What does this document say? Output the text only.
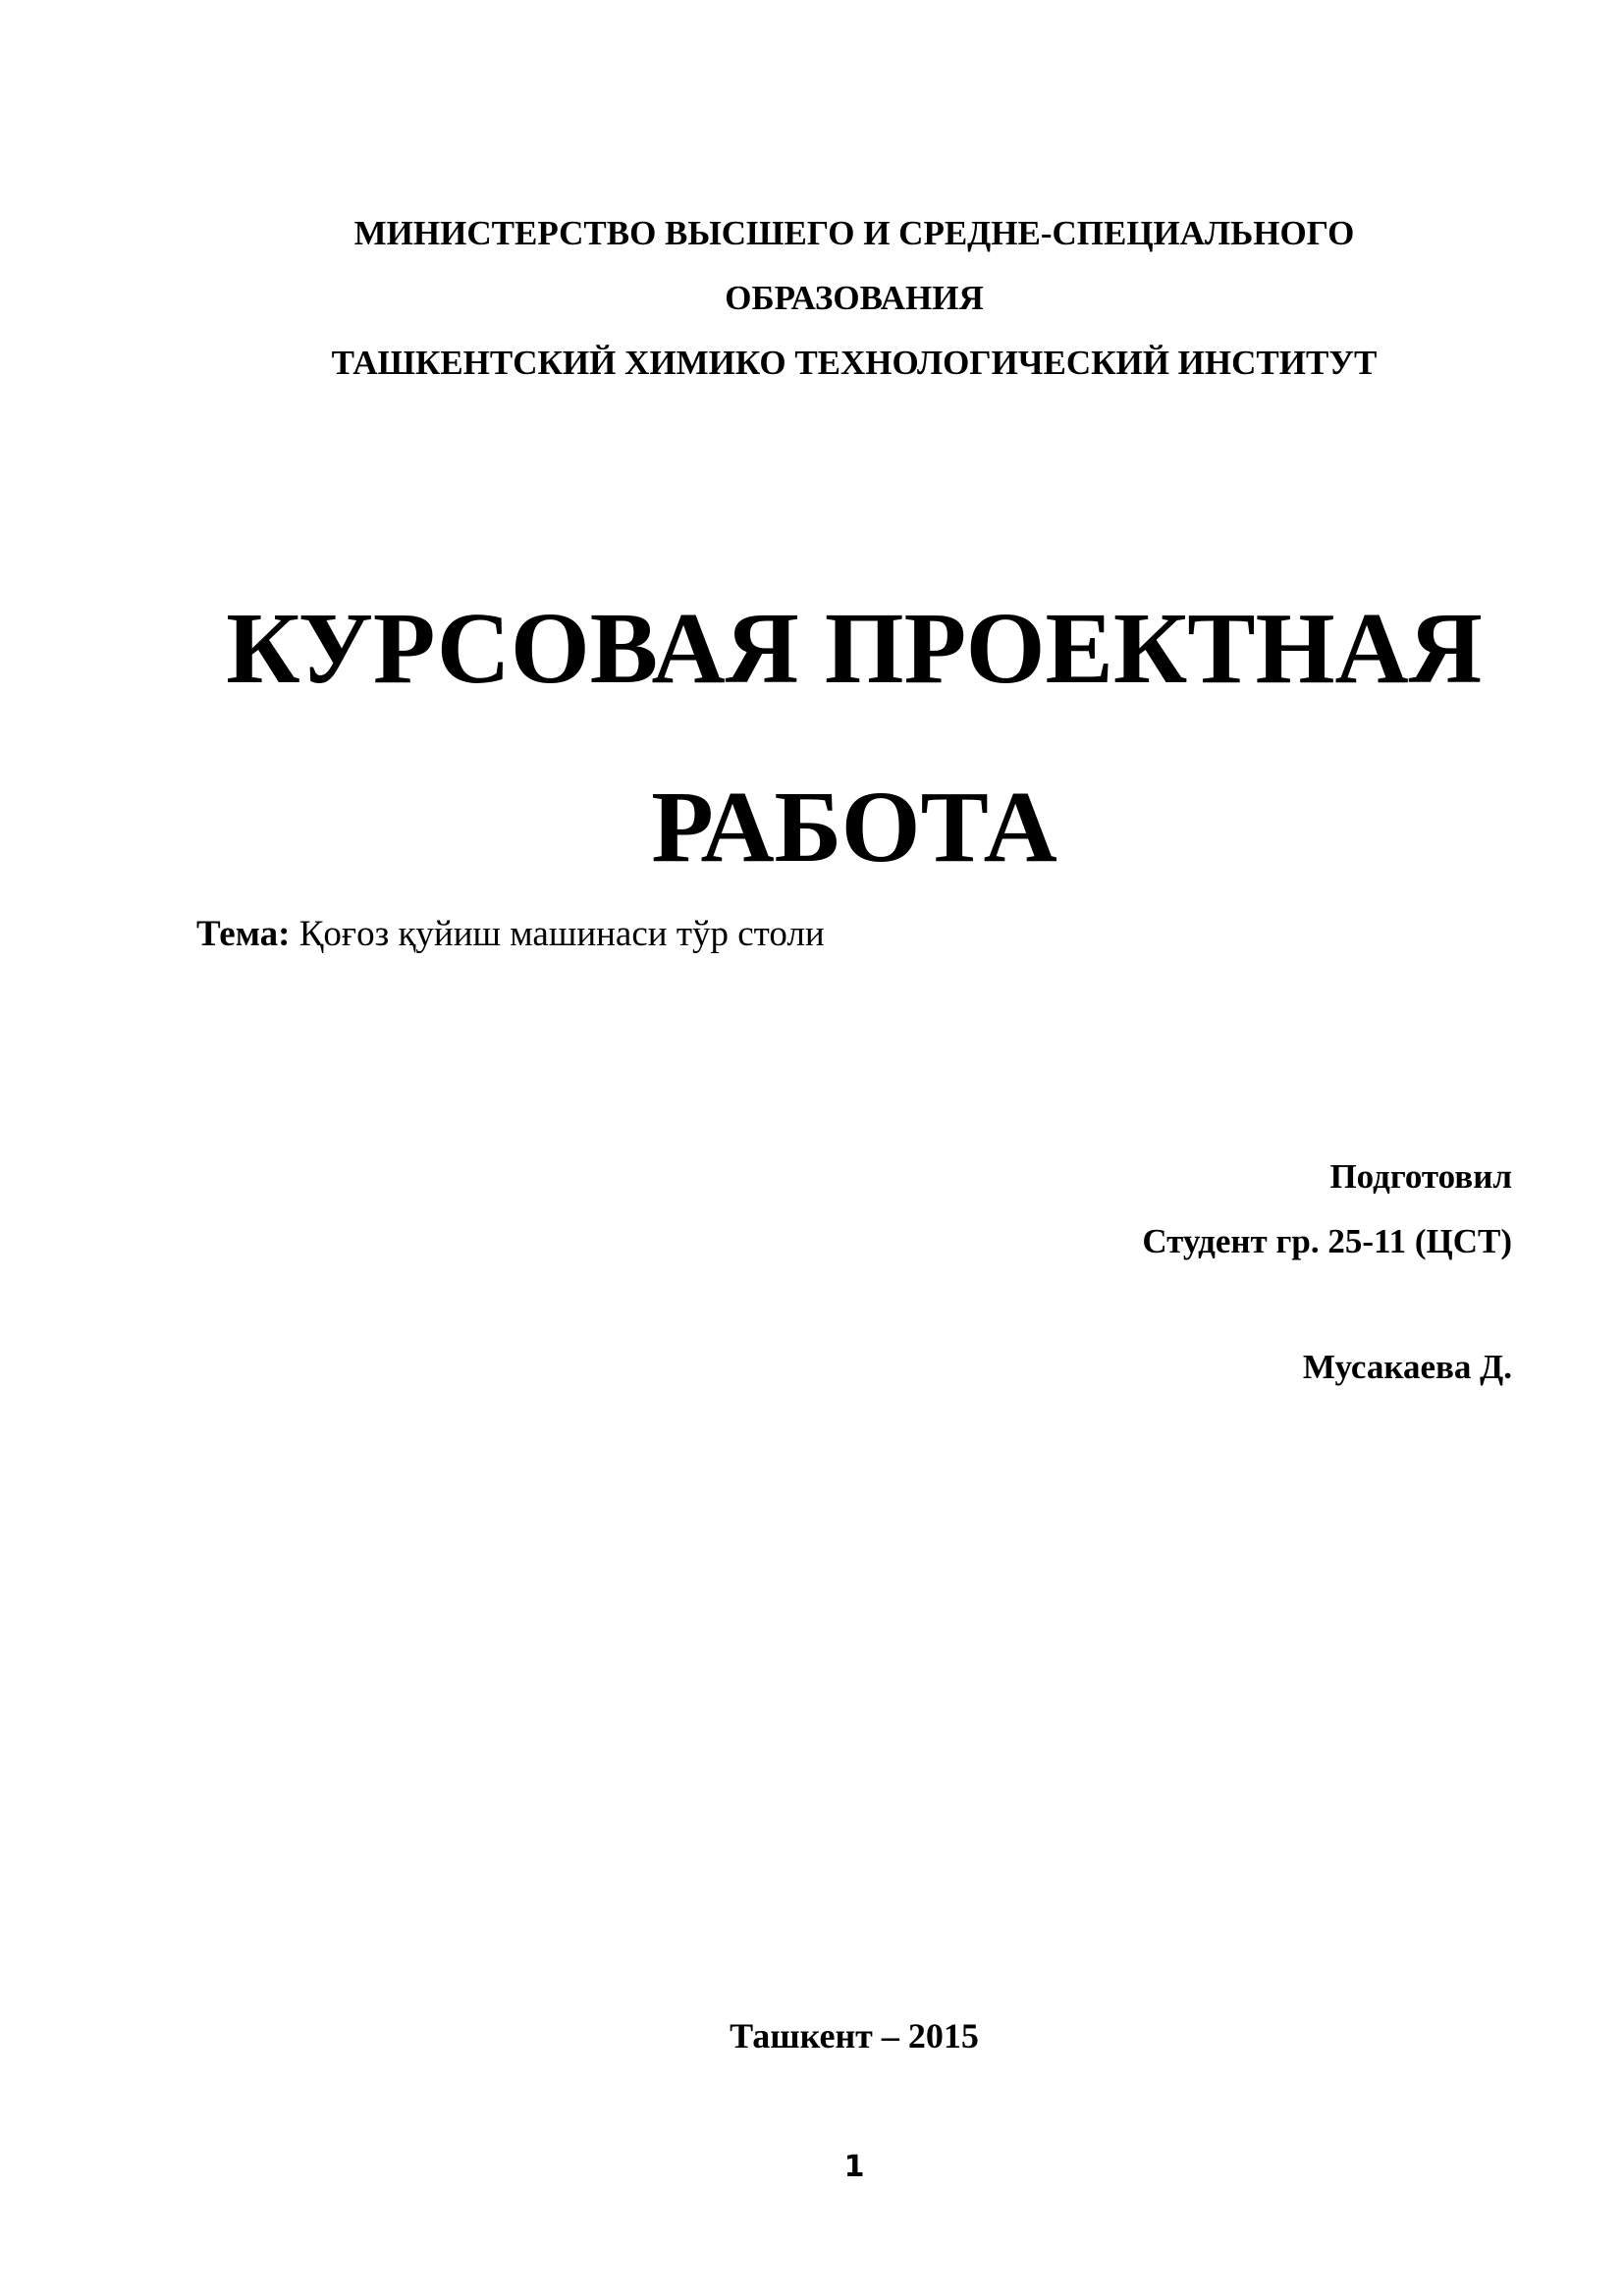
МИНИСТЕРСТВО ВЫСШЕГО И СРЕДНЕ-СПЕЦИАЛЬНОГО
ОБРАЗОВАНИЯ
ТАШКЕНТСКИЙ ХИМИКО ТЕХНОЛОГИЧЕСКИЙ ИНСТИТУТ
КУРСОВАЯ ПРОЕКТНАЯ
РАБОТА
Тема: Қоғоз қуйиш машинаси тўр столи
Подготовил
Студент гр. 25-11 (ЦСТ)
Мусакаева Д.
Ташкент – 2015
1
